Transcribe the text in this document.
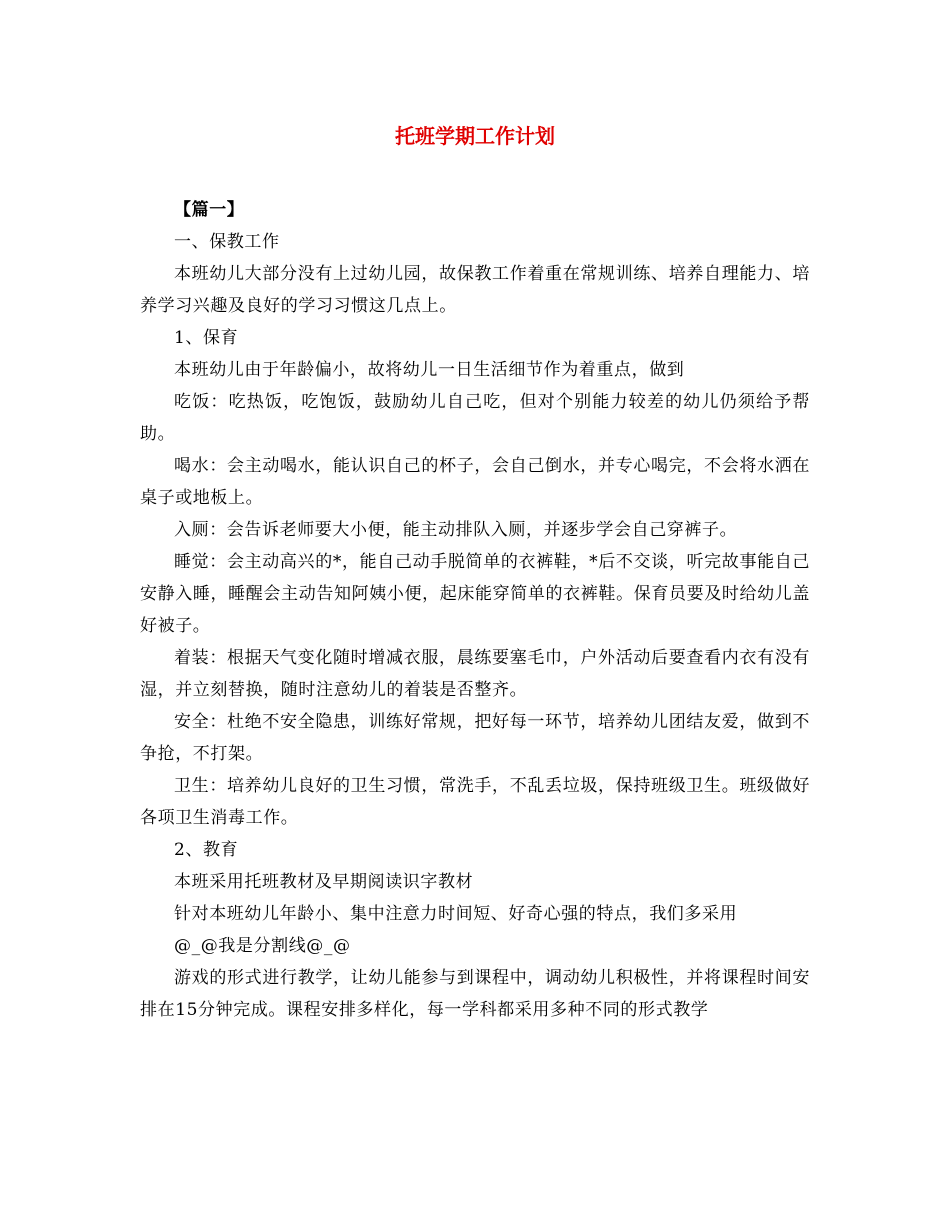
托班学期工作计划

【篇一】

一、保教工作

本班幼儿大部分没有上过幼儿园，故保教工作着重在常规训练、培养自理能力、培养学习兴趣及良好的学习习惯这几点上。

1、保育

本班幼儿由于年龄偏小，故将幼儿一日生活细节作为着重点，做到

吃饭：吃热饭，吃饱饭，鼓励幼儿自己吃，但对个别能力较差的幼儿仍须给予帮助。

喝水：会主动喝水，能认识自己的杯子，会自己倒水，并专心喝完，不会将水洒在桌子或地板上。

入厕：会告诉老师要大小便，能主动排队入厕，并逐步学会自己穿裤子。

睡觉：会主动高兴的*，能自己动手脱简单的衣裤鞋，*后不交谈，听完故事能自己安静入睡，睡醒会主动告知阿姨小便，起床能穿简单的衣裤鞋。保育员要及时给幼儿盖好被子。

着装：根据天气变化随时增减衣服，晨练要塞毛巾，户外活动后要查看内衣有没有湿，并立刻替换，随时注意幼儿的着装是否整齐。

安全：杜绝不安全隐患，训练好常规，把好每一环节，培养幼儿团结友爱，做到不争抢，不打架。

卫生：培养幼儿良好的卫生习惯，常洗手，不乱丢垃圾，保持班级卫生。班级做好各项卫生消毒工作。

2、教育

本班采用托班教材及早期阅读识字教材

针对本班幼儿年龄小、集中注意力时间短、好奇心强的特点，我们多采用

@_@我是分割线@_@

游戏的形式进行教学，让幼儿能参与到课程中，调动幼儿积极性，并将课程时间安排在15分钟完成。课程安排多样化，每一学科都采用多种不同的形式教学
